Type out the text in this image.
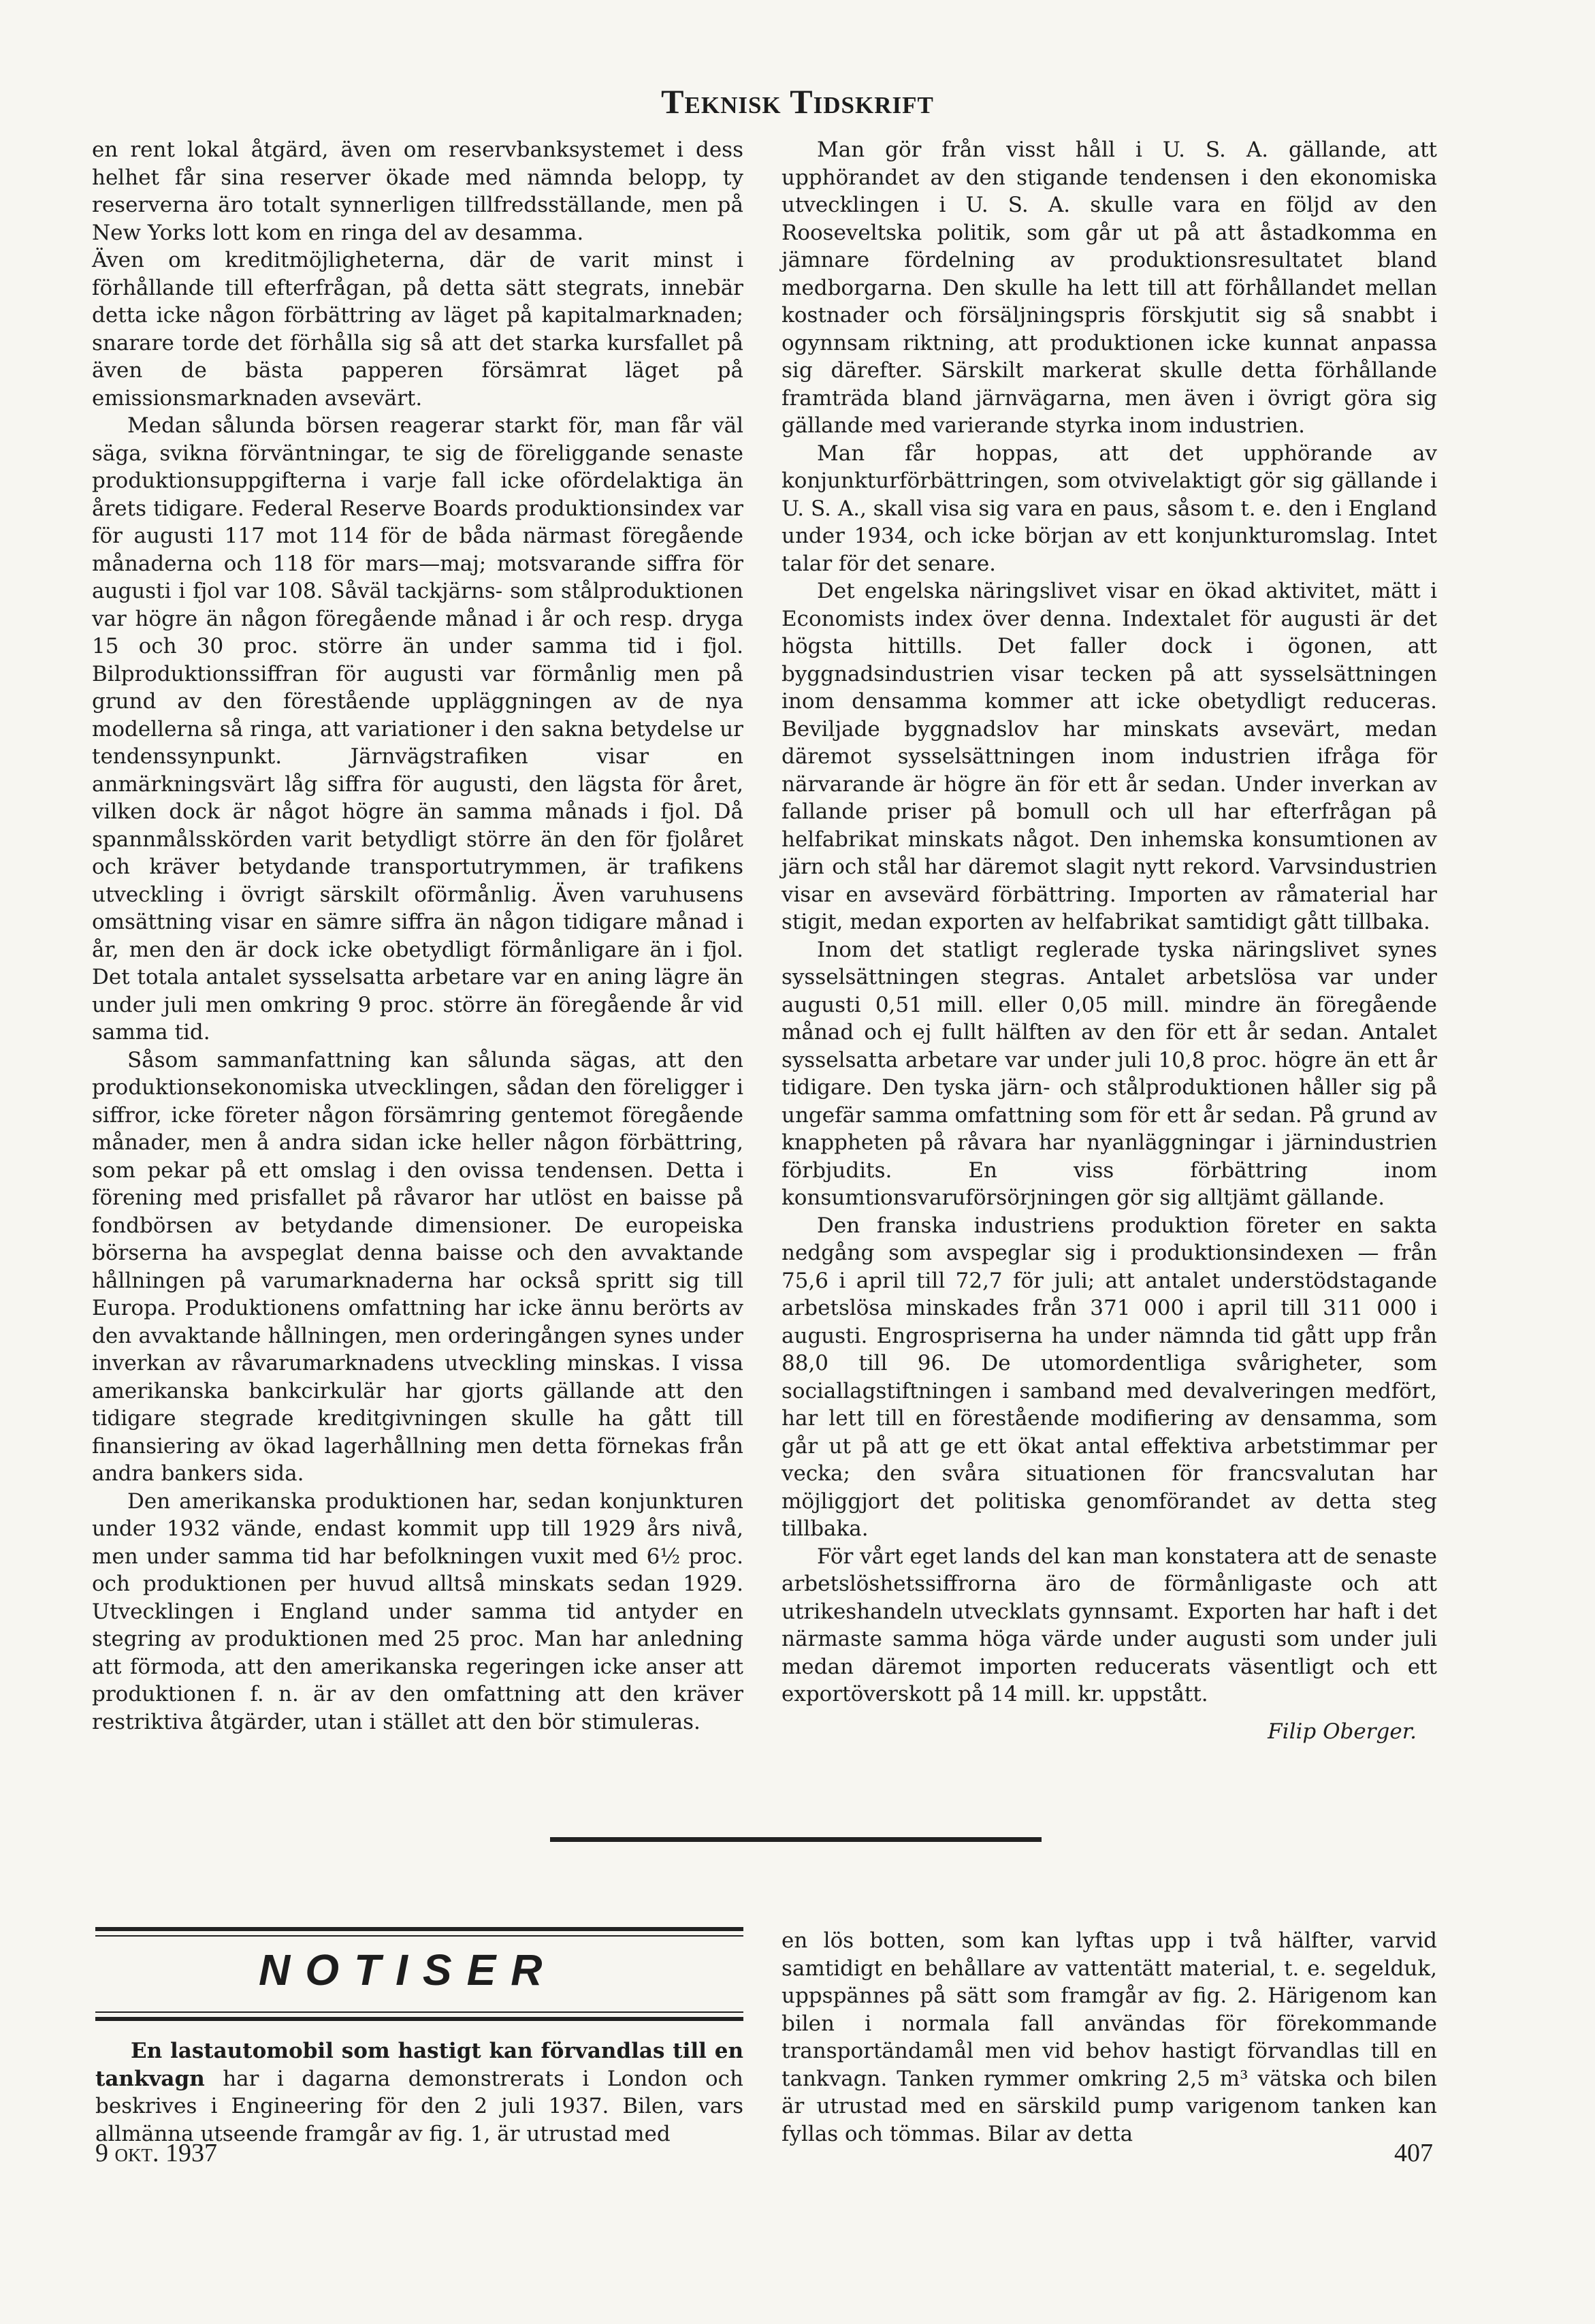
Teknisk Tidskrift

en rent lokal åtgärd, även om reservbanksystemet i dess helhet får sina reserver ökade med nämnda belopp, ty reserverna äro totalt synnerligen tillfredsställande, men på New Yorks lott kom en ringa del av desamma.

Även om kreditmöjligheterna, där de varit minst i förhållande till efterfrågan, på detta sätt stegrats, innebär detta icke någon förbättring av läget på kapitalmarknaden; snarare torde det förhålla sig så att det starka kursfallet på även de bästa papperen försämrat läget på emissionsmarknaden avsevärt.

Medan sålunda börsen reagerar starkt för, man får väl säga, svikna förväntningar, te sig de föreliggande senaste produktionsuppgifterna i varje fall icke ofördelaktiga än årets tidigare. Federal Reserve Boards produktionsindex var för augusti 117 mot 114 för de båda närmast föregående månaderna och 118 för mars—maj; motsvarande siffra för augusti i fjol var 108. Såväl tackjärns- som stålproduktionen var högre än någon föregående månad i år och resp. dryga 15 och 30 proc. större än under samma tid i fjol. Bilproduktionssiffran för augusti var förmånlig men på grund av den förestående uppläggningen av de nya modellerna så ringa, att variationer i den sakna betydelse ur tendenssynpunkt. Järnvägstrafiken visar en anmärkningsvärt låg siffra för augusti, den lägsta för året, vilken dock är något högre än samma månads i fjol. Då spannmålsskörden varit betydligt större än den för fjolåret och kräver betydande transportutrymmen, är trafikens utveckling i övrigt särskilt oförmånlig. Även varuhusens omsättning visar en sämre siffra än någon tidigare månad i år, men den är dock icke obetydligt förmånligare än i fjol. Det totala antalet sysselsatta arbetare var en aning lägre än under juli men omkring 9 proc. större än föregående år vid samma tid.

Såsom sammanfattning kan sålunda sägas, att den produktionsekonomiska utvecklingen, sådan den föreligger i siffror, icke företer någon försämring gentemot föregående månader, men å andra sidan icke heller någon förbättring, som pekar på ett omslag i den ovissa tendensen. Detta i förening med prisfallet på råvaror har utlöst en baisse på fondbörsen av betydande dimensioner. De europeiska börserna ha avspeglat denna baisse och den avvaktande hållningen på varumarknaderna har också spritt sig till Europa. Produktionens omfattning har icke ännu berörts av den avvaktande hållningen, men orderingången synes under inverkan av råvarumarknadens utveckling minskas. I vissa amerikanska bankcirkulär har gjorts gällande att den tidigare stegrade kreditgivningen skulle ha gått till finansiering av ökad lagerhållning men detta förnekas från andra bankers sida.

Den amerikanska produktionen har, sedan konjunkturen under 1932 vände, endast kommit upp till 1929 års nivå, men under samma tid har befolkningen vuxit med 6½ proc. och produktionen per huvud alltså minskats sedan 1929. Utvecklingen i England under samma tid antyder en stegring av produktionen med 25 proc. Man har anledning att förmoda, att den amerikanska regeringen icke anser att produktionen f. n. är av den omfattning att den kräver restriktiva åtgärder, utan i stället att den bör stimuleras.

Man gör från visst håll i U. S. A. gällande, att upphörandet av den stigande tendensen i den ekonomiska utvecklingen i U. S. A. skulle vara en följd av den Rooseveltska politik, som går ut på att åstadkomma en jämnare fördelning av produktionsresultatet bland medborgarna. Den skulle ha lett till att förhållandet mellan kostnader och försäljningspris förskjutit sig så snabbt i ogynnsam riktning, att produktionen icke kunnat anpassa sig därefter. Särskilt markerat skulle detta förhållande framträda bland järnvägarna, men även i övrigt göra sig gällande med varierande styrka inom industrien.

Man får hoppas, att det upphörande av konjunkturförbättringen, som otvivelaktigt gör sig gällande i U. S. A., skall visa sig vara en paus, såsom t. e. den i England under 1934, och icke början av ett konjunkturomslag. Intet talar för det senare.

Det engelska näringslivet visar en ökad aktivitet, mätt i Economists index över denna. Indextalet för augusti är det högsta hittills. Det faller dock i ögonen, att byggnadsindustrien visar tecken på att sysselsättningen inom densamma kommer att icke obetydligt reduceras. Beviljade byggnadslov har minskats avsevärt, medan däremot sysselsättningen inom industrien ifråga för närvarande är högre än för ett år sedan. Under inverkan av fallande priser på bomull och ull har efterfrågan på helfabrikat minskats något. Den inhemska konsumtionen av järn och stål har däremot slagit nytt rekord. Varvsindustrien visar en avsevärd förbättring. Importen av råmaterial har stigit, medan exporten av helfabrikat samtidigt gått tillbaka.

Inom det statligt reglerade tyska näringslivet synes sysselsättningen stegras. Antalet arbetslösa var under augusti 0,51 mill. eller 0,05 mill. mindre än föregående månad och ej fullt hälften av den för ett år sedan. Antalet sysselsatta arbetare var under juli 10,8 proc. högre än ett år tidigare. Den tyska järn- och stålproduktionen håller sig på ungefär samma omfattning som för ett år sedan. På grund av knappheten på råvara har nyanläggningar i järnindustrien förbjudits. En viss förbättring inom konsumtionsvaruförsörjningen gör sig alltjämt gällande.

Den franska industriens produktion företer en sakta nedgång som avspeglar sig i produktionsindexen — från 75,6 i april till 72,7 för juli; att antalet understödstagande arbetslösa minskades från 371 000 i april till 311 000 i augusti. Engrospriserna ha under nämnda tid gått upp från 88,0 till 96. De utomordentliga svårigheter, som sociallagstiftningen i samband med devalveringen medfört, har lett till en förestående modifiering av densamma, som går ut på att ge ett ökat antal effektiva arbetstimmar per vecka; den svåra situationen för francsvalutan har möjliggjort det politiska genomförandet av detta steg tillbaka.

För vårt eget lands del kan man konstatera att de senaste arbetslöshetssiffrorna äro de förmånligaste och att utrikeshandeln utvecklats gynnsamt. Exporten har haft i det närmaste samma höga värde under augusti som under juli medan däremot importen reducerats väsentligt och ett exportöverskott på 14 mill. kr. uppstått.

Filip Oberger.
NOTISER

En lastautomobil som hastigt kan förvandlas till en tankvagn har i dagarna demonstrerats i London och beskrives i Engineering för den 2 juli 1937. Bilen, vars allmänna utseende framgår av fig. 1, är utrustad med

en lös botten, som kan lyftas upp i två hälfter, varvid samtidigt en behållare av vattentätt material, t. e. segelduk, uppspännes på sätt som framgår av fig. 2. Härigenom kan bilen i normala fall användas för förekommande transportändamål men vid behov hastigt förvandlas till en tankvagn. Tanken rymmer omkring 2,5 m³ vätska och bilen är utrustad med en särskild pump varigenom tanken kan fyllas och tömmas. Bilar av detta

9 okt. 1937	407
